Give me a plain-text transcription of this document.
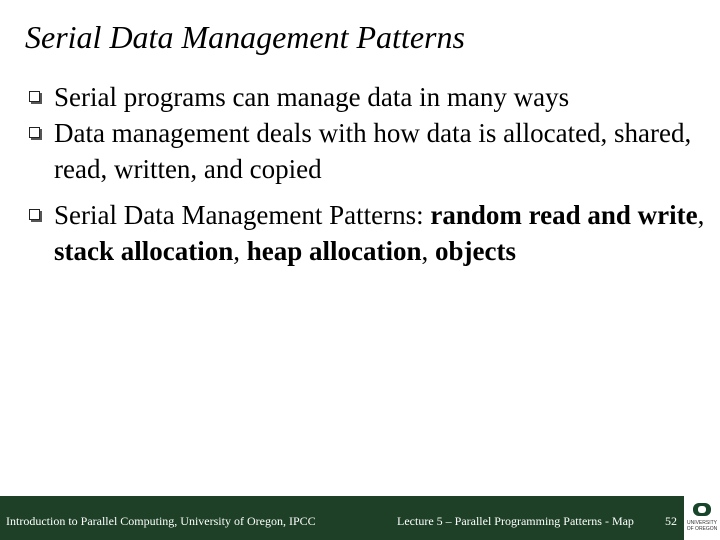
Serial Data Management Patterns
Serial programs can manage data in many ways
Data management deals with how data is allocated, shared, read, written, and copied
Serial Data Management Patterns: random read and write, stack allocation, heap allocation, objects
Introduction to Parallel Computing, University of Oregon, IPCC	Lecture 5 – Parallel Programming Patterns - Map	52	UNIVERSITY
OF OREGON
